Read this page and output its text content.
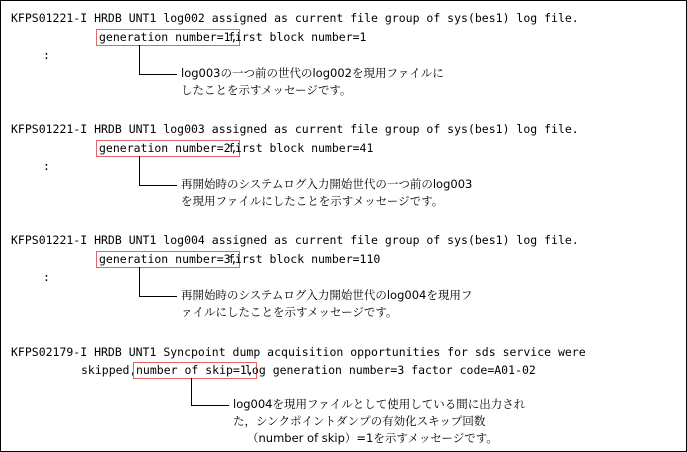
KFPS01221-I HRDB UNT1 log002 assigned as current file group of sys(bes1) log file.
generation number=1,
first block number=1
:
log003の一つ前の世代のlog002を現用ファイルに
したことを示すメッセージです。
KFPS01221-I HRDB UNT1 log003 assigned as current file group of sys(bes1) log file.
generation number=2,
first block number=41
:
再開始時のシステムログ入力開始世代の一つ前のlog003
を現用ファイルにしたことを示すメッセージです。
KFPS01221-I HRDB UNT1 log004 assigned as current file group of sys(bes1) log file.
generation number=3,
first block number=110
:
再開始時のシステムログ入力開始世代のlog004を現用フ
ァイルにしたことを示すメッセージです。
KFPS02179-I HRDB UNT1 Syncpoint dump acquisition opportunities for sds service were
skipped, number of skip=1,
log generation number=3 factor code=A01-02
log004を現用ファイルとして使用している間に出力され
た，シンクポイントダンプの有効化スキップ回数
（number of skip）=1を示すメッセージです。
